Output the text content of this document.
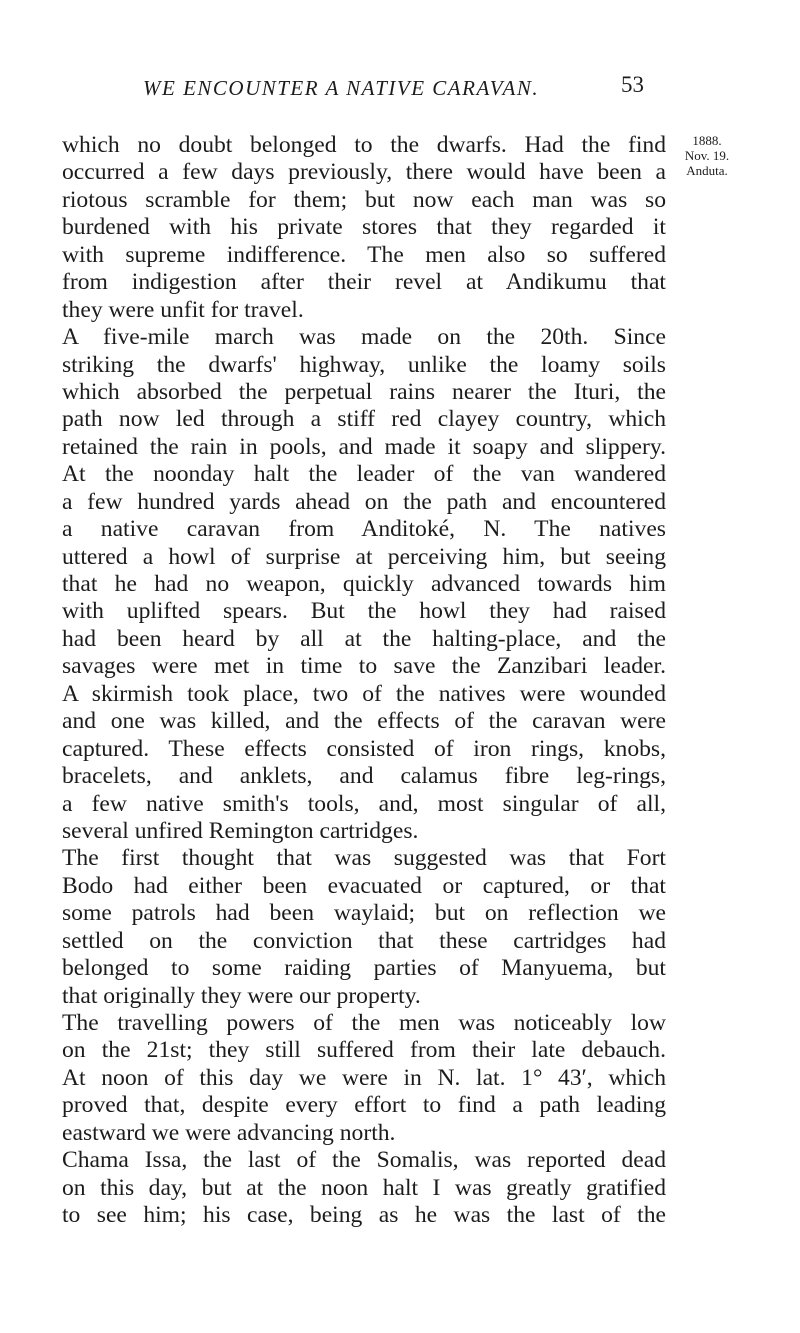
WE ENCOUNTER A NATIVE CARAVAN.	53
1888.
Nov. 19.
Anduta.
which no doubt belonged to the dwarfs. Had the find
occurred a few days previously, there would have been a
riotous scramble for them; but now each man was so
burdened with his private stores that they regarded it
with supreme indifference. The men also so suffered
from indigestion after their revel at Andikumu that
they were unfit for travel.
A five-mile march was made on the 20th. Since
striking the dwarfs' highway, unlike the loamy soils
which absorbed the perpetual rains nearer the Ituri, the
path now led through a stiff red clayey country, which
retained the rain in pools, and made it soapy and slippery.
At the noonday halt the leader of the van wandered
a few hundred yards ahead on the path and encountered
a native caravan from Anditoké, N. The natives
uttered a howl of surprise at perceiving him, but seeing
that he had no weapon, quickly advanced towards him
with uplifted spears. But the howl they had raised
had been heard by all at the halting-place, and the
savages were met in time to save the Zanzibari leader.
A skirmish took place, two of the natives were wounded
and one was killed, and the effects of the caravan were
captured. These effects consisted of iron rings, knobs,
bracelets, and anklets, and calamus fibre leg-rings,
a few native smith's tools, and, most singular of all,
several unfired Remington cartridges.
The first thought that was suggested was that Fort
Bodo had either been evacuated or captured, or that
some patrols had been waylaid; but on reflection we
settled on the conviction that these cartridges had
belonged to some raiding parties of Manyuema, but
that originally they were our property.
The travelling powers of the men was noticeably low
on the 21st; they still suffered from their late debauch.
At noon of this day we were in N. lat. 1° 43′, which
proved that, despite every effort to find a path leading
eastward we were advancing north.
Chama Issa, the last of the Somalis, was reported dead
on this day, but at the noon halt I was greatly gratified
to see him; his case, being as he was the last of the
